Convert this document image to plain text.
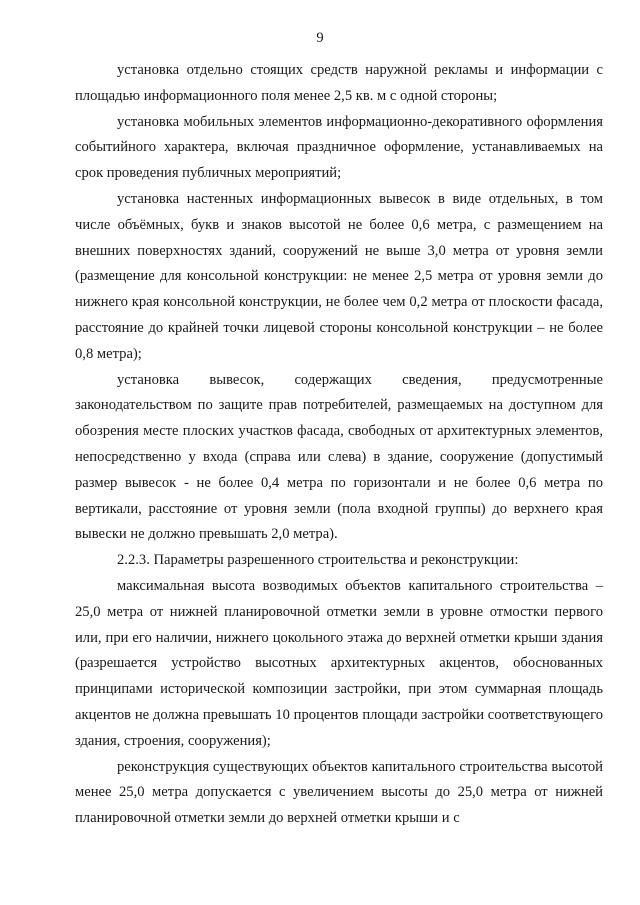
9

установка отдельно стоящих средств наружной рекламы и информации с площадью информационного поля менее 2,5 кв. м с одной стороны;

установка мобильных элементов информационно-декоративного оформления событийного характера, включая праздничное оформление, устанавливаемых на срок проведения публичных мероприятий;

установка настенных информационных вывесок в виде отдельных, в том числе объёмных, букв и знаков высотой не более 0,6 метра, с размещением на внешних поверхностях зданий, сооружений не выше 3,0 метра от уровня земли (размещение для консольной конструкции: не менее 2,5 метра от уровня земли до нижнего края консольной конструкции, не более чем 0,2 метра от плоскости фасада, расстояние до крайней точки лицевой стороны консольной конструкции – не более 0,8 метра);

установка вывесок, содержащих сведения, предусмотренные законодательством по защите прав потребителей, размещаемых на доступном для обозрения месте плоских участков фасада, свободных от архитектурных элементов, непосредственно у входа (справа или слева) в здание, сооружение (допустимый размер вывесок - не более 0,4 метра по горизонтали и не более 0,6 метра по вертикали, расстояние от уровня земли (пола входной группы) до верхнего края вывески не должно превышать 2,0 метра).

2.2.3. Параметры разрешенного строительства и реконструкции:

максимальная высота возводимых объектов капитального строительства – 25,0 метра от нижней планировочной отметки земли в уровне отмостки первого или, при его наличии, нижнего цокольного этажа до верхней отметки крыши здания (разрешается устройство высотных архитектурных акцентов, обоснованных принципами исторической композиции застройки, при этом суммарная площадь акцентов не должна превышать 10 процентов площади застройки соответствующего здания, строения, сооружения);

реконструкция существующих объектов капитального строительства высотой менее 25,0 метра допускается с увеличением высоты до 25,0 метра от нижней планировочной отметки земли до верхней отметки крыши и с
